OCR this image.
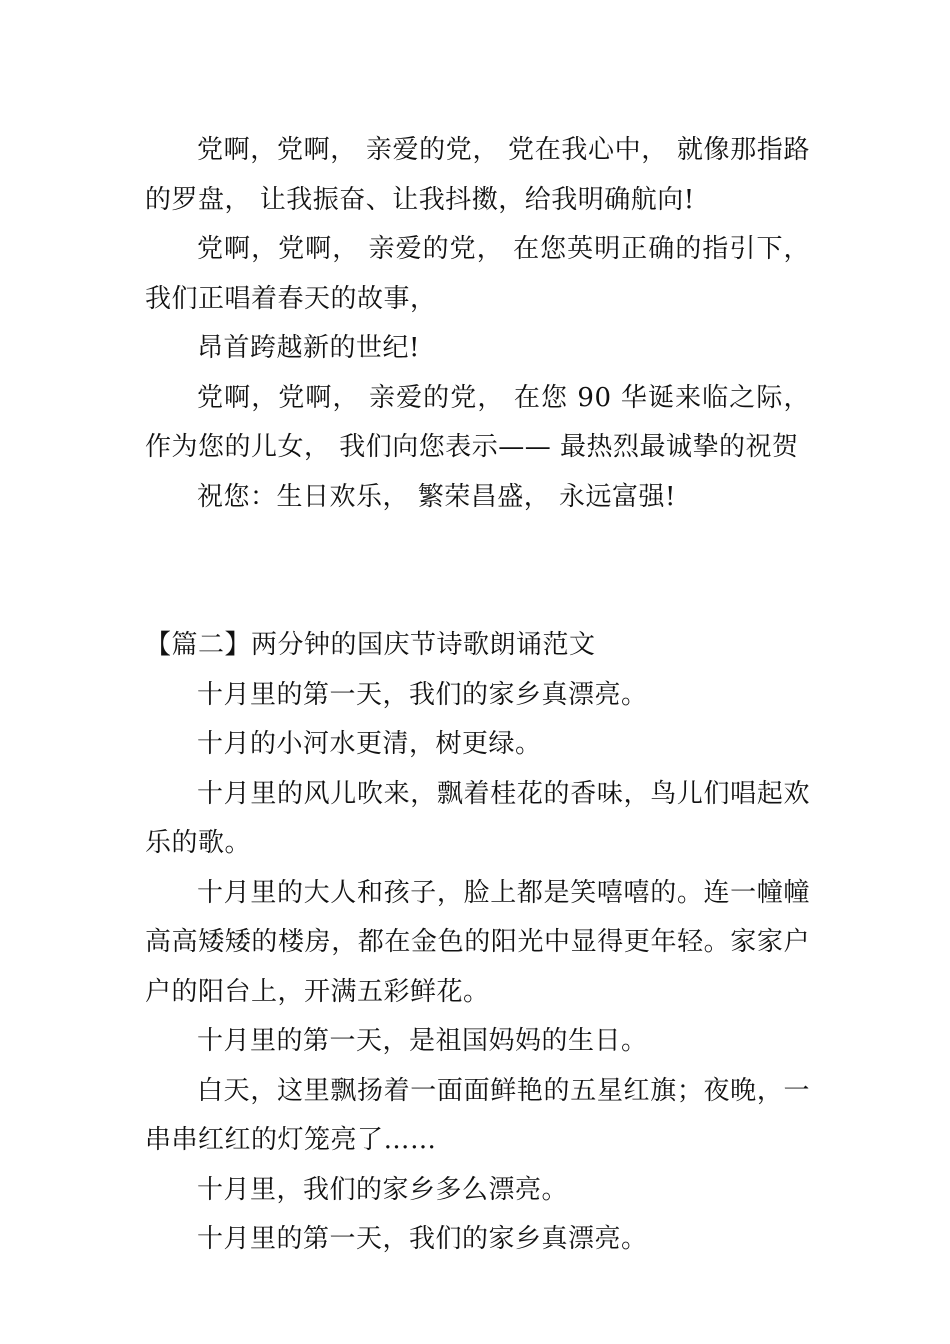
党啊，党啊， 亲爱的党， 党在我心中， 就像那指路的罗盘， 让我振奋、让我抖擞，给我明确航向!

党啊，党啊， 亲爱的党， 在您英明正确的指引下，我们正唱着春天的故事，

昂首跨越新的世纪!

党啊，党啊， 亲爱的党， 在您 90 华诞来临之际， 作为您的儿女， 我们向您表示—— 最热烈最诚挚的祝贺

祝您：生日欢乐， 繁荣昌盛， 永远富强!

【篇二】两分钟的国庆节诗歌朗诵范文

十月里的第一天，我们的家乡真漂亮。

十月的小河水更清，树更绿。

十月里的风儿吹来，飘着桂花的香味，鸟儿们唱起欢乐的歌。

十月里的大人和孩子，脸上都是笑嘻嘻的。连一幢幢高高矮矮的楼房，都在金色的阳光中显得更年轻。家家户户的阳台上，开满五彩鲜花。

十月里的第一天，是祖国妈妈的生日。

白天，这里飘扬着一面面鲜艳的五星红旗；夜晚，一串串红红的灯笼亮了……

十月里，我们的家乡多么漂亮。

十月里的第一天，我们的家乡真漂亮。
